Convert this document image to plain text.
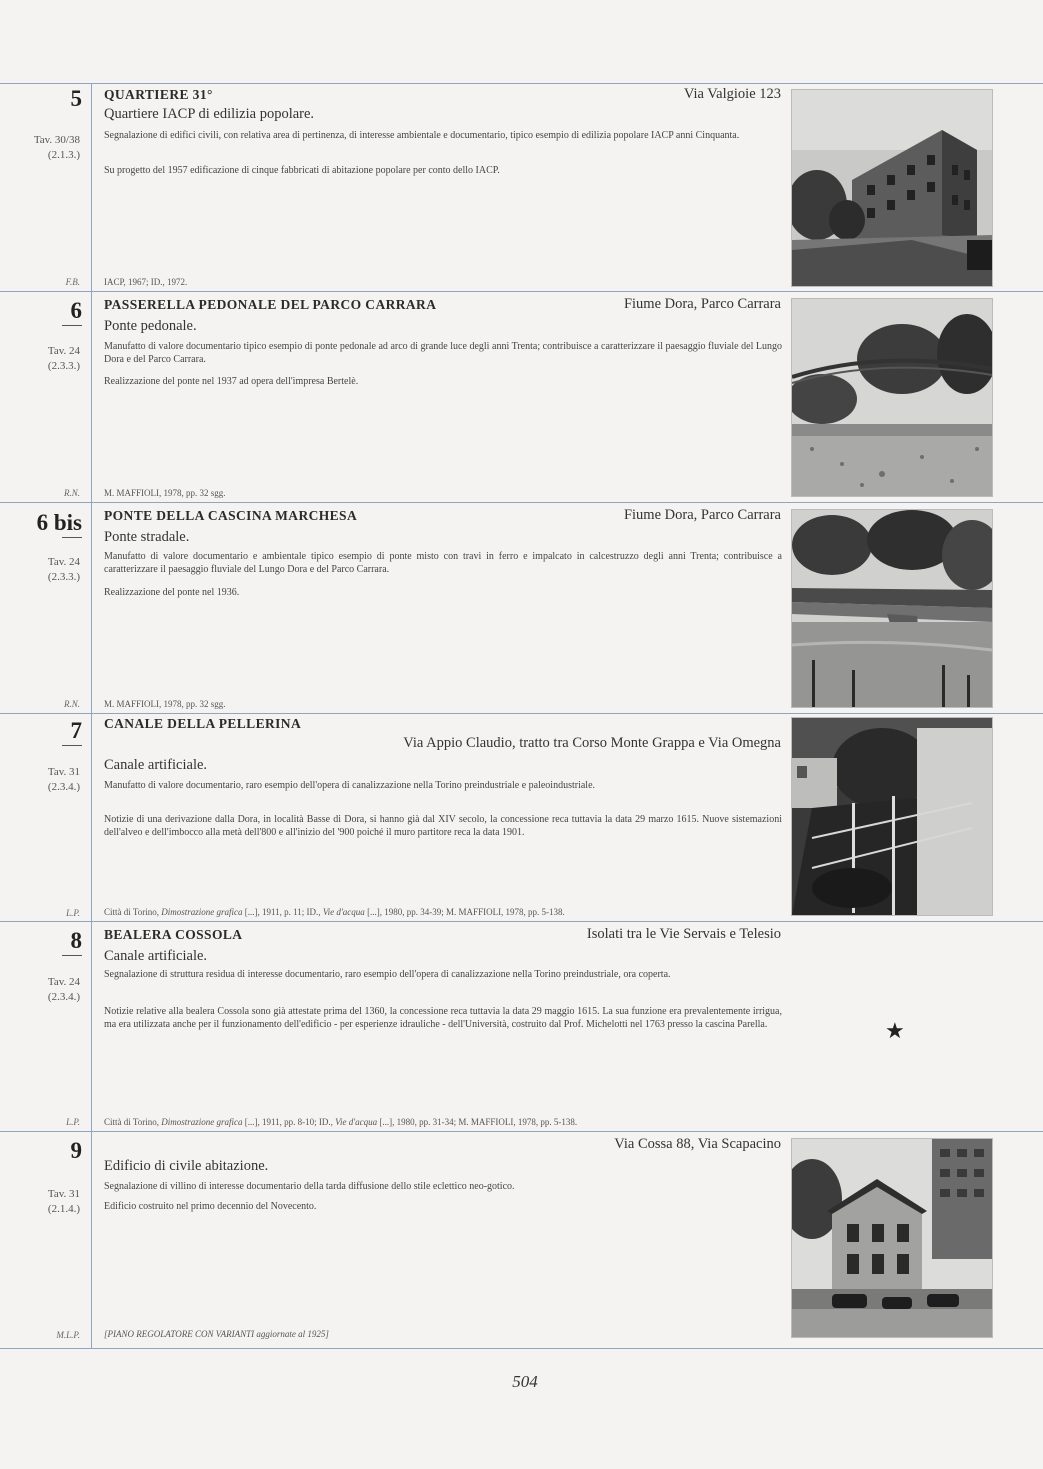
5
Tav. 30/38
(2.1.3.)
F.B.
QUARTIERE 31°	Via Valgioie 123
Quartiere IACP di edilizia popolare.
Segnalazione di edifici civili, con relativa area di pertinenza, di interesse ambientale e documentario, tipico esempio di edilizia popolare IACP anni Cinquanta.
Su progetto del 1957 edificazione di cinque fabbricati di abitazione popolare per conto dello IACP.
IACP, 1967; ID., 1972.
6
Tav. 24
(2.3.3.)
R.N.
PASSERELLA PEDONALE DEL PARCO CARRARA	Fiume Dora, Parco Carrara
Ponte pedonale.
Manufatto di valore documentario tipico esempio di ponte pedonale ad arco di grande luce degli anni Trenta; contribuisce a caratterizzare il paesaggio fluviale del Lungo Dora e del Parco Carrara.
Realizzazione del ponte nel 1937 ad opera dell'impresa Bertelè.
M. MAFFIOLI, 1978, pp. 32 sgg.
6 bis
Tav. 24
(2.3.3.)
R.N.
PONTE DELLA CASCINA MARCHESA	Fiume Dora, Parco Carrara
Ponte stradale.
Manufatto di valore documentario e ambientale tipico esempio di ponte misto con travi in ferro e impalcato in calcestruzzo degli anni Trenta; contribuisce a caratterizzare il paesaggio fluviale del Lungo Dora e del Parco Carrara.
Realizzazione del ponte nel 1936.
M. MAFFIOLI, 1978, pp. 32 sgg.
7
Tav. 31
(2.3.4.)
L.P.
CANALE DELLA PELLERINA
Via Appio Claudio, tratto tra Corso Monte Grappa e Via Omegna
Canale artificiale.
Manufatto di valore documentario, raro esempio dell'opera di canalizzazione nella Torino preindustriale e paleoindustriale.
Notizie di una derivazione dalla Dora, in località Basse di Dora, si hanno già dal XIV secolo, la concessione reca tuttavia la data 29 marzo 1615. Nuove sistemazioni dell'alveo e dell'imbocco alla metà dell'800 e all'inizio del '900 poiché il muro partitore reca la data 1901.
Città di Torino, Dimostrazione grafica [...], 1911, p. 11; ID., Vie d'acqua [...], 1980, pp. 34-39; M. MAFFIOLI, 1978, pp. 5-138.
8
Tav. 24
(2.3.4.)
L.P.
BEALERA COSSOLA	Isolati tra le Vie Servais e Telesio
Canale artificiale.
Segnalazione di struttura residua di interesse documentario, raro esempio dell'opera di canalizzazione nella Torino preindustriale, ora coperta.
Notizie relative alla bealera Cossola sono già attestate prima del 1360, la concessione reca tuttavia la data 29 maggio 1615. La sua funzione era prevalentemente irrigua, ma era utilizzata anche per il funzionamento dell'edificio - per esperienze idrauliche - dell'Università, costruito dal Prof. Michelotti nel 1763 presso la cascina Parella.
Città di Torino, Dimostrazione grafica [...], 1911, pp. 8-10; ID., Vie d'acqua [...], 1980, pp. 31-34; M. MAFFIOLI, 1978, pp. 5-138.
★
9
Tav. 31
(2.1.4.)
M.L.P.
Via Cossa 88, Via Scapacino
Edificio di civile abitazione.
Segnalazione di villino di interesse documentario della tarda diffusione dello stile eclettico neo-gotico.
Edificio costruito nel primo decennio del Novecento.
[PIANO REGOLATORE CON VARIANTI aggiornate al 1925]
504
